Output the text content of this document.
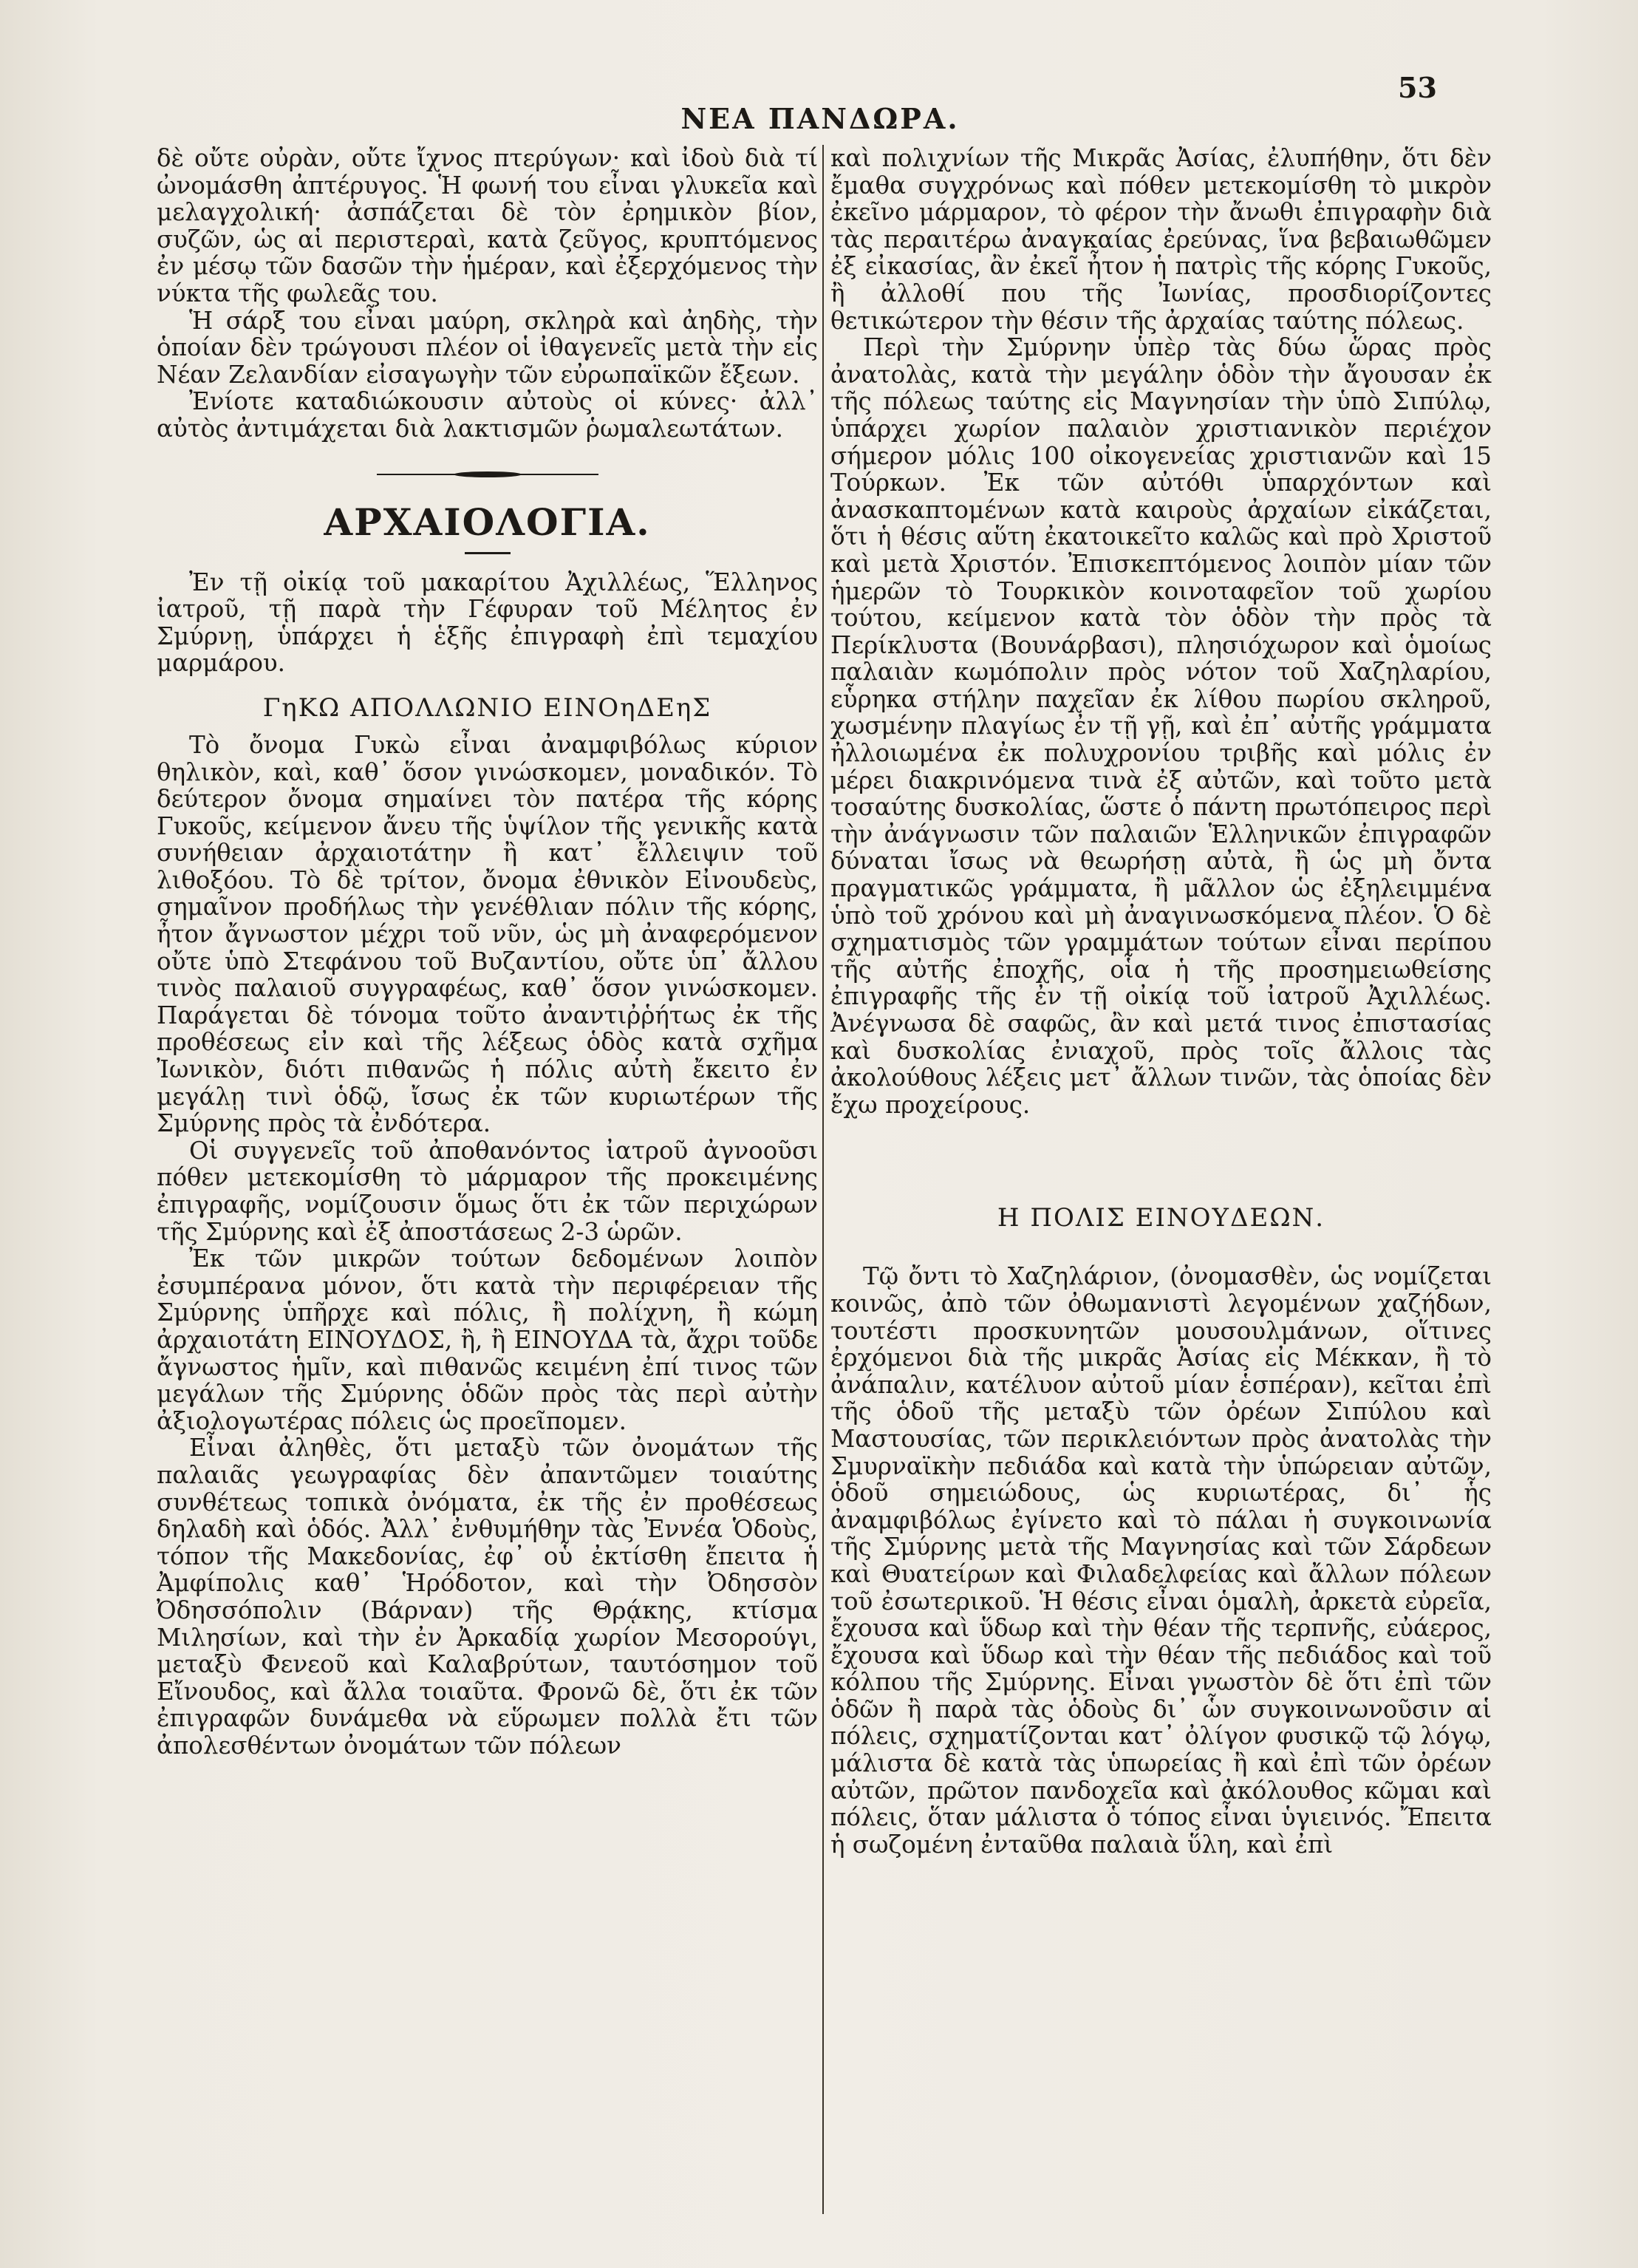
ΝΕΑ ΠΑΝΔΩΡΑ.
53

δὲ οὔτε οὐρὰν, οὔτε ἴχνος πτερύγων· καὶ ἰδοὺ διὰ τί ὠνομάσθη ἀπτέρυγος. Ἡ φωνή του εἶναι γλυκεῖα καὶ μελαγχολική· ἀσπάζεται δὲ τὸν ἐρημικὸν βίον, συζῶν, ὡς αἱ περιστεραὶ, κατὰ ζεῦγος, κρυπτόμενος ἐν μέσῳ τῶν δασῶν τὴν ἡμέραν, καὶ ἐξερχόμενος τὴν νύκτα τῆς φωλεᾶς του.

Ἡ σάρξ του εἶναι μαύρη, σκληρὰ καὶ ἀηδὴς, τὴν ὁποίαν δὲν τρώγουσι πλέον οἱ ἰθαγενεῖς μετὰ τὴν εἰς Νέαν Ζελανδίαν εἰσαγωγὴν τῶν εὐρωπαϊκῶν ἔξεων.

Ἐνίοτε καταδιώκουσιν αὐτοὺς οἱ κύνες· ἀλλ᾽ αὐτὸς ἀντιμάχεται διὰ λακτισμῶν ῥωμαλεωτάτων.

ΑΡΧΑΙΟΛΟΓΙΑ.

Ἐν τῇ οἰκίᾳ τοῦ μακαρίτου Ἀχιλλέως, Ἕλληνος ἰατροῦ, τῇ παρὰ τὴν Γέφυραν τοῦ Μέλητος ἐν Σμύρνῃ, ὑπάρχει ἡ ἑξῆς ἐπιγραφὴ ἐπὶ τεμαχίου μαρμάρου.

ΓηΚΩ ΑΠΟΛΛΩΝΙΟ ΕΙΝΟηΔΕηΣ

Τὸ ὄνομα Γυκὼ εἶναι ἀναμφιβόλως κύριον θηλικὸν, καὶ, καθ᾽ ὅσον γινώσκομεν, μοναδικόν. Τὸ δεύτερον ὄνομα σημαίνει τὸν πατέρα τῆς κόρης Γυκοῦς, κείμενον ἄνευ τῆς ὑψίλον τῆς γενικῆς κατὰ συνήθειαν ἀρχαιοτάτην ἢ κατ᾽ ἔλλειψιν τοῦ λιθοξόου. Τὸ δὲ τρίτον, ὄνομα ἐθνικὸν Εἰνουδεὺς, σημαῖνον προδήλως τὴν γενέθλιαν πόλιν τῆς κόρης, ἦτον ἄγνωστον μέχρι τοῦ νῦν, ὡς μὴ ἀναφερόμενον οὔτε ὑπὸ Στεφάνου τοῦ Βυζαντίου, οὔτε ὑπ᾽ ἄλλου τινὸς παλαιοῦ συγγραφέως, καθ᾽ ὅσον γινώσκομεν. Παράγεται δὲ τόνομα τοῦτο ἀναντιῤῥήτως ἐκ τῆς προθέσεως εἰν καὶ τῆς λέξεως ὁδὸς κατὰ σχῆμα Ἰωνικὸν, διότι πιθανῶς ἡ πόλις αὐτὴ ἔκειτο ἐν μεγάλῃ τινὶ ὁδῷ, ἴσως ἐκ τῶν κυριωτέρων τῆς Σμύρνης πρὸς τὰ ἐνδότερα.

Οἱ συγγενεῖς τοῦ ἀποθανόντος ἰατροῦ ἀγνοοῦσι πόθεν μετεκομίσθη τὸ μάρμαρον τῆς προκειμένης ἐπιγραφῆς, νομίζουσιν ὅμως ὅτι ἐκ τῶν περιχώρων τῆς Σμύρνης καὶ ἐξ ἀποστάσεως 2-3 ὡρῶν.

Ἐκ τῶν μικρῶν τούτων δεδομένων λοιπὸν ἐσυμπέρανα μόνον, ὅτι κατὰ τὴν περιφέρειαν τῆς Σμύρνης ὑπῆρχε καὶ πόλις, ἢ πολίχνη, ἢ κώμη ἀρχαιοτάτη ΕΙΝΟΥΔΟΣ, ἢ, ἢ ΕΙΝΟΥΔΑ τὰ, ἄχρι τοῦδε ἄγνωστος ἡμῖν, καὶ πιθανῶς κειμένη ἐπί τινος τῶν μεγάλων τῆς Σμύρνης ὁδῶν πρὸς τὰς περὶ αὐτὴν ἀξιολογωτέρας πόλεις ὡς προεῖπομεν.

Εἶναι ἀληθὲς, ὅτι μεταξὺ τῶν ὀνομάτων τῆς παλαιᾶς γεωγραφίας δὲν ἀπαντῶμεν τοιαύτης συνθέτεως τοπικὰ ὀνόματα, ἐκ τῆς ἐν προθέσεως δηλαδὴ καὶ ὁδός. Ἀλλ᾽ ἐνθυμήθην τὰς Ἐννέα Ὁδοὺς, τόπον τῆς Μακεδονίας, ἐφ᾽ οὗ ἐκτίσθη ἔπειτα ἡ Ἀμφίπολις καθ᾽ Ἡρόδοτον, καὶ τὴν Ὀδησσὸν Ὀδησσόπολιν (Βάρναν) τῆς Θρᾴκης, κτίσμα Μιλησίων, καὶ τὴν ἐν Ἀρκαδίᾳ χωρίον Μεσορούγι, μεταξὺ Φενεοῦ καὶ Καλαβρύτων, ταυτόσημον τοῦ Εἴνουδος, καὶ ἄλλα τοιαῦτα. Φρονῶ δὲ, ὅτι ἐκ τῶν ἐπιγραφῶν δυνάμεθα νὰ εὕρωμεν πολλὰ ἔτι τῶν ἀπολεσθέντων ὀνομάτων τῶν πόλεων

καὶ πολιχνίων τῆς Μικρᾶς Ἀσίας, ἐλυπήθην, ὅτι δὲν ἔμαθα συγχρόνως καὶ πόθεν μετεκομίσθη τὸ μικρὸν ἐκεῖνο μάρμαρον, τὸ φέρον τὴν ἄνωθι ἐπιγραφὴν διὰ τὰς περαιτέρω ἀναγκαίας ἐρεύνας, ἵνα βεβαιωθῶμεν ἐξ εἰκασίας, ἂν ἐκεῖ ἦτον ἡ πατρὶς τῆς κόρης Γυκοῦς, ἢ ἀλλοθί που τῆς Ἰωνίας, προσδιορίζοντες θετικώτερον τὴν θέσιν τῆς ἀρχαίας ταύτης πόλεως.

Περὶ τὴν Σμύρνην ὑπὲρ τὰς δύω ὥρας πρὸς ἀνατολὰς, κατὰ τὴν μεγάλην ὁδὸν τὴν ἄγουσαν ἐκ τῆς πόλεως ταύτης εἰς Μαγνησίαν τὴν ὑπὸ Σιπύλῳ, ὑπάρχει χωρίον παλαιὸν χριστιανικὸν περιέχον σήμερον μόλις 100 οἰκογενείας χριστιανῶν καὶ 15 Τούρκων. Ἐκ τῶν αὐτόθι ὑπαρχόντων καὶ ἀνασκαπτομένων κατὰ καιροὺς ἀρχαίων εἰκάζεται, ὅτι ἡ θέσις αὕτη ἐκατοικεῖτο καλῶς καὶ πρὸ Χριστοῦ καὶ μετὰ Χριστόν. Ἐπισκεπτόμενος λοιπὸν μίαν τῶν ἡμερῶν τὸ Τουρκικὸν κοινοταφεῖον τοῦ χωρίου τούτου, κείμενον κατὰ τὸν ὁδὸν τὴν πρὸς τὰ Περίκλυστα (Βουνάρβασι), πλησιόχωρον καὶ ὁμοίως παλαιὰν κωμόπολιν πρὸς νότον τοῦ Χαζηλαρίου, εὗρηκα στήλην παχεῖαν ἐκ λίθου πωρίου σκληροῦ, χωσμένην πλαγίως ἐν τῇ γῇ, καὶ ἐπ᾽ αὐτῆς γράμματα ἠλλοιωμένα ἐκ πολυχρονίου τριβῆς καὶ μόλις ἐν μέρει διακρινόμενα τινὰ ἐξ αὐτῶν, καὶ τοῦτο μετὰ τοσαύτης δυσκολίας, ὥστε ὁ πάντη πρωτόπειρος περὶ τὴν ἀνάγνωσιν τῶν παλαιῶν Ἑλληνικῶν ἐπιγραφῶν δύναται ἴσως νὰ θεωρήσῃ αὐτὰ, ἢ ὡς μὴ ὄντα πραγματικῶς γράμματα, ἢ μᾶλλον ὡς ἐξηλειμμένα ὑπὸ τοῦ χρόνου καὶ μὴ ἀναγινωσκόμενα πλέον. Ὁ δὲ σχηματισμὸς τῶν γραμμάτων τούτων εἶναι περίπου τῆς αὐτῆς ἐποχῆς, οἷα ἡ τῆς προσημειωθείσης ἐπιγραφῆς τῆς ἐν τῇ οἰκίᾳ τοῦ ἰατροῦ Ἀχιλλέως. Ἀνέγνωσα δὲ σαφῶς, ἂν καὶ μετά τινος ἐπιστασίας καὶ δυσκολίας ἐνιαχοῦ, πρὸς τοῖς ἄλλοις τὰς ἀκολούθους λέξεις μετ᾽ ἄλλων τινῶν, τὰς ὁποίας δὲν ἔχω προχείρους.

Η ΠΟΛΙΣ ΕΙΝΟΥΔΕΩΝ.

Τῷ ὄντι τὸ Χαζηλάριον, (ὀνομασθὲν, ὡς νομίζεται κοινῶς, ἀπὸ τῶν ὀθωμανιστὶ λεγομένων χαζήδων, τουτέστι προσκυνητῶν μουσουλμάνων, οἵτινες ἐρχόμενοι διὰ τῆς μικρᾶς Ἀσίας εἰς Μέκκαν, ἢ τὸ ἀνάπαλιν, κατέλυον αὐτοῦ μίαν ἑσπέραν), κεῖται ἐπὶ τῆς ὁδοῦ τῆς μεταξὺ τῶν ὀρέων Σιπύλου καὶ Μαστουσίας, τῶν περικλειόντων πρὸς ἀνατολὰς τὴν Σμυρναϊκὴν πεδιάδα καὶ κατὰ τὴν ὑπώρειαν αὐτῶν, ὁδοῦ σημειώδους, ὡς κυριωτέρας, δι᾽ ἧς ἀναμφιβόλως ἐγίνετο καὶ τὸ πάλαι ἡ συγκοινωνία τῆς Σμύρνης μετὰ τῆς Μαγνησίας καὶ τῶν Σάρδεων καὶ Θυατείρων καὶ Φιλαδελφείας καὶ ἄλλων πόλεων τοῦ ἐσωτερικοῦ. Ἡ θέσις εἶναι ὁμαλὴ, ἀρκετὰ εὐρεῖα, ἔχουσα καὶ ὕδωρ καὶ τὴν θέαν τῆς τερπνῆς, εὐάερος, ἔχουσα καὶ ὕδωρ καὶ τὴν θέαν τῆς πεδιάδος καὶ τοῦ κόλπου τῆς Σμύρνης. Εἶναι γνωστὸν δὲ ὅτι ἐπὶ τῶν ὁδῶν ἢ παρὰ τὰς ὁδοὺς δι᾽ ὧν συγκοινωνοῦσιν αἱ πόλεις, σχηματίζονται κατ᾽ ὀλίγον φυσικῷ τῷ λόγῳ, μάλιστα δὲ κατὰ τὰς ὑπωρείας ἢ καὶ ἐπὶ τῶν ὀρέων αὐτῶν, πρῶτον πανδοχεῖα καὶ ἀκόλουθος κῶμαι καὶ πόλεις, ὅταν μάλιστα ὁ τόπος εἶναι ὑγιεινός. Ἔπειτα ἡ σωζομένη ἐνταῦθα παλαιὰ ὕλη, καὶ ἐπὶ
